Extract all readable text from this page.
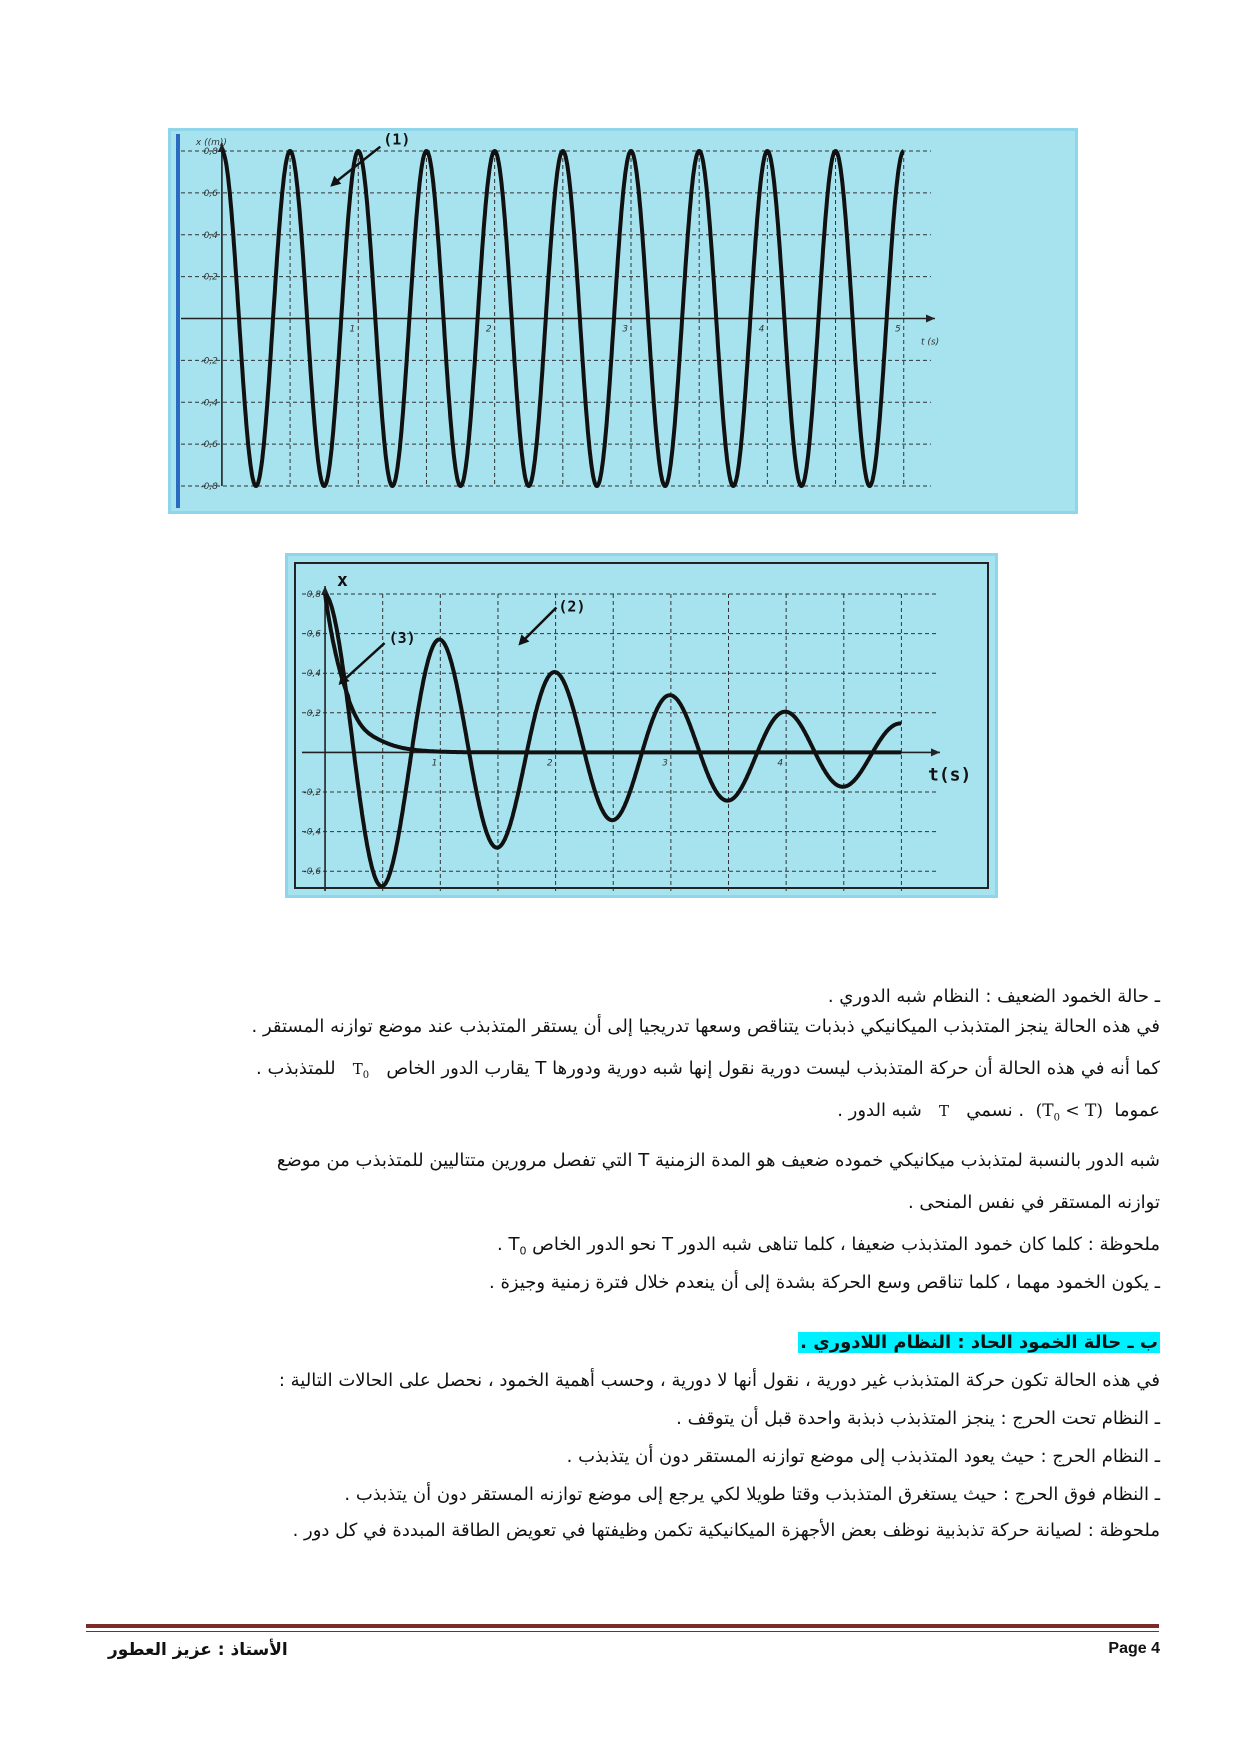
0,8
0,6
0,4
0,2
-0,2
-0,4
-0,6
-0,8
1	2	3	4	5
x ((m))
t (s)
(1)
0,8
0,6
0,4
0,2
-0,2
-0,4
-0,6
1	2	3	4
x
t(s)
(2)
(3)
ـ حالة الخمود الضعيف : النظام شبه الدوري .
في هذه الحالة ينجز المتذبذب الميكانيكي ذبذبات يتناقص وسعها تدريجيا إلى أن يستقر المتذبذب عند موضع توازنه المستقر .
كما أنه في هذه الحالة أن حركة المتذبذب ليست دورية نقول إنها شبه دورية ودورها T يقارب الدور الخاص   $T_0$   للمتذبذب .
عموما  $(T_0 < T)$  . نسمي   T   شبه الدور .
شبه الدور بالنسبة لمتذبذب ميكانيكي خموده ضعيف هو المدة الزمنية T التي تفصل مرورين متتاليين للمتذبذب من موضع
توازنه المستقر في نفس المنحى .
ملحوظة : كلما كان خمود المتذبذب ضعيفا ، كلما تناهى شبه الدور T نحو الدور الخاص $T_0$ .
ـ يكون الخمود مهما ، كلما تناقص وسع الحركة بشدة إلى أن ينعدم خلال فترة زمنية وجيزة .
ب ـ حالة الخمود الحاد : النظام اللادوري .
في هذه الحالة تكون حركة المتذبذب غير دورية ، نقول أنها لا دورية ، وحسب أهمية الخمود ، نحصل على الحالات التالية :
ـ النظام تحت الحرج : ينجز المتذبذب ذبذبة واحدة قبل أن يتوقف .
ـ النظام الحرج : حيث يعود المتذبذب إلى موضع توازنه المستقر دون أن يتذبذب .
ـ النظام فوق الحرج : حيث يستغرق المتذبذب وقتا طويلا لكي يرجع إلى موضع توازنه المستقر دون أن يتذبذب .
ملحوظة : لصيانة حركة تذبذبية نوظف بعض الأجهزة الميكانيكية تكمن وظيفتها في تعويض الطاقة المبددة في كل دور .
الأستاذ : عزيز العطور	Page 4
